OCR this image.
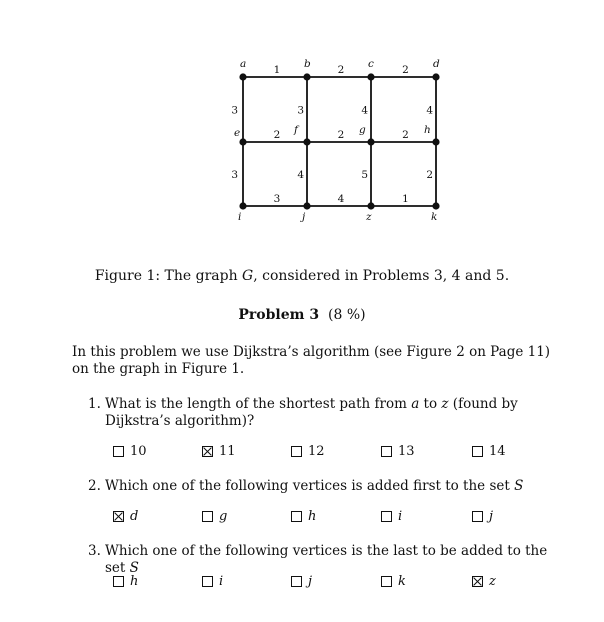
1	2	2
2	2	2
3	4	1
3	3	4	4
3	4	5	2
a	b	c	d
e	f	g	h
i	j	z	k
Figure 1: The graph G, considered in Problems 3, 4 and 5.
Problem 3 (8 %)
In this problem we use Dijkstra’s algorithm (see Figure 2 on Page 11) on the graph in Figure 1.
1. What is the length of the shortest path from a to z (found by Dijkstra’s algorithm)?
10	11	12	13	14
2. Which one of the following vertices is added first to the set S
d	g	h	i	j
3. Which one of the following vertices is the last to be added to the set S
h	i	j	k	z
